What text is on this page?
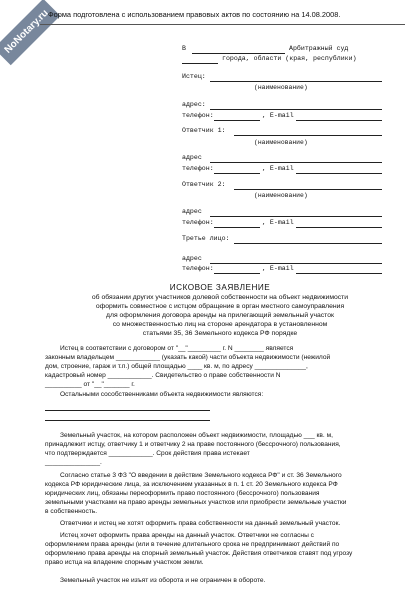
NoNotary.ru
Форма подготовлена с использованием правовых актов по состоянию на 14.08.2008.
В	Арбитражный суд
города, области (края, республики)
Истец:
(наименование)
адрес:
телефон:	, E-mail
Ответчик 1:
(наименование)
адрес
телефон:	, E-mail
Ответчик 2:
(наименование)
адрес
телефон:	, E-mail
Третье лицо:
адрес
телефон:	, E-mail
ИСКОВОЕ ЗАЯВЛЕНИЕ
об обязании других участников долевой собственности на объект недвижимости
оформить совместное с истцом обращение в орган местного самоуправления
для оформления договора аренды на прилегающий земельный участок
со множественностью лиц на стороне арендатора в установленном
статьями 35, 36 Земельного кодекса РФ порядке
Истец в соответствии с договором от "__"_________ г. N ________ является
законным владельцем ____________ (указать какой) части объекта недвижимости (нежилой
дом, строение, гараж и т.п.) общей площадью ____ кв. м, по адресу ______________,
кадастровый номер ____________. Свидетельство о праве собственности N
__________ от "__"_______ г.
Остальными сособственниками объекта недвижимости являются:
Земельный участок, на котором расположен объект недвижимости, площадью ___ кв. м,
принадлежит истцу, ответчику 1 и ответчику 2 на праве постоянного (бессрочного) пользования,
что подтверждается ____________. Срок действия права истекает
_______________.
Согласно статье 3 ФЗ "О введении в действие Земельного кодекса РФ" и ст. 36 Земельного
кодекса РФ юридические лица, за исключением указанных в п. 1 ст. 20 Земельного кодекса РФ
юридических лиц, обязаны переоформить право постоянного (бессрочного) пользования
земельными участками на право аренды земельных участков или приобрести земельные участки
в собственность.
Ответчики и истец не хотят оформить права собственности на данный земельный участок.
Истец хочет оформить права аренды на данный участок. Ответчики не согласны с
оформлением права аренды (или в течение длительного срока не предпринимают действий по
оформлению права аренды на спорный земельный участок. Действия ответчиков ставят под угрозу
право истца на владение спорным участком земли.
Земельный участок не изъят из оборота и не ограничен в обороте.
